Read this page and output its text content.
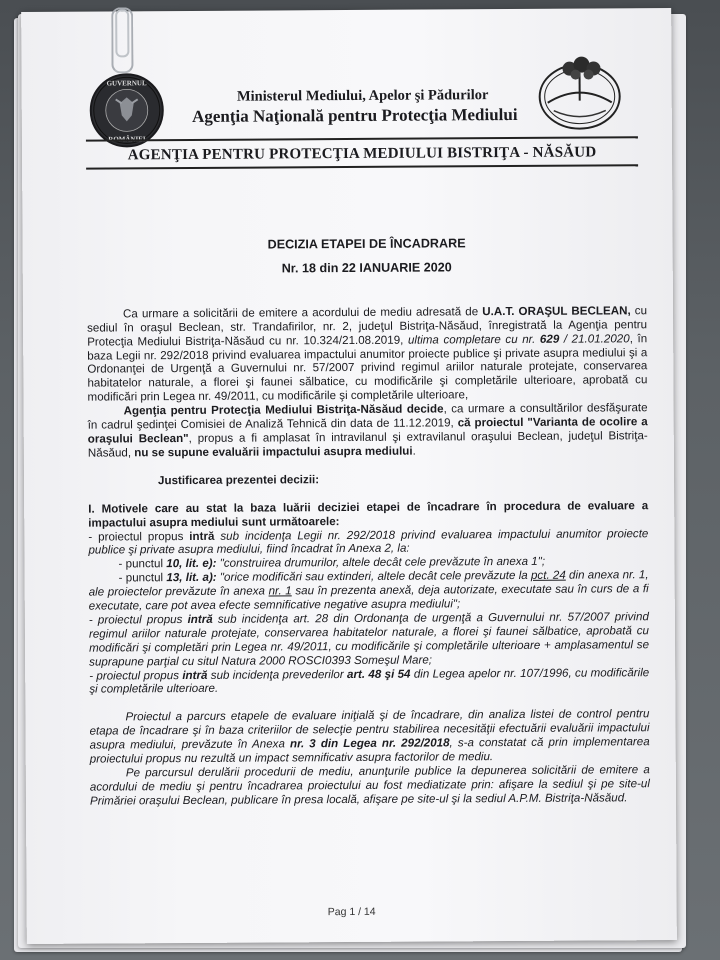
GUVERNUL
ROMÂNIEI
Ministerul Mediului, Apelor şi Pădurilor
Agenţia Naţională pentru Protecţia Mediului
AGENŢIA PENTRU PROTECŢIA MEDIULUI BISTRIŢA - NĂSĂUD
DECIZIA ETAPEI DE ÎNCADRARE
Nr. 18 din 22 IANUARIE 2020

Ca urmare a solicitării de emitere a acordului de mediu adresată de U.A.T. ORAŞUL BECLEAN, cu sediul în oraşul Beclean, str. Trandafirilor, nr. 2, judeţul Bistriţa-Năsăud, înregistrată la Agenţia pentru Protecţia Mediului Bistriţa-Năsăud cu nr. 10.324/21.08.2019, ultima completare cu nr. 629 / 21.01.2020, în baza Legii nr. 292/2018 privind evaluarea impactului anumitor proiecte publice şi private asupra mediului şi a Ordonanţei de Urgenţă a Guvernului nr. 57/2007 privind regimul ariilor naturale protejate, conservarea habitatelor naturale, a florei şi faunei sălbatice, cu modificările şi completările ulterioare, aprobată cu modificări prin Legea nr. 49/2011, cu modificările şi completările ulterioare,

Agenţia pentru Protecţia Mediului Bistriţa-Năsăud decide, ca urmare a consultărilor desfăşurate în cadrul şedinţei Comisiei de Analiză Tehnică din data de 11.12.2019, că proiectul "Varianta de ocolire a oraşului Beclean", propus a fi amplasat în intravilanul şi extravilanul oraşului Beclean, judeţul Bistriţa-Năsăud, nu se supune evaluării impactului asupra mediului.

Justificarea prezentei decizii:

I. Motivele care au stat la baza luării deciziei etapei de încadrare în procedura de evaluare a impactului asupra mediului sunt următoarele:

- proiectul propus intră sub incidenţa Legii nr. 292/2018 privind evaluarea impactului anumitor proiecte publice şi private asupra mediului, fiind încadrat în Anexa 2, la:

- punctul 10, lit. e): "construirea drumurilor, altele decât cele prevăzute în anexa 1";

- punctul 13, lit. a): "orice modificări sau extinderi, altele decât cele prevăzute la pct. 24 din anexa nr. 1, ale proiectelor prevăzute în anexa nr. 1 sau în prezenta anexă, deja autorizate, executate sau în curs de a fi executate, care pot avea efecte semnificative negative asupra mediului";

- proiectul propus intră sub incidenţa art. 28 din Ordonanţa de urgenţă a Guvernului nr. 57/2007 privind regimul ariilor naturale protejate, conservarea habitatelor naturale, a florei şi faunei sălbatice, aprobată cu modificări şi completări prin Legea nr. 49/2011, cu modificările şi completările ulterioare + amplasamentul se suprapune parţial cu situl Natura 2000 ROSCI0393 Someşul Mare;

- proiectul propus intră sub incidenţa prevederilor art. 48 şi 54 din Legea apelor nr. 107/1996, cu modificările şi completările ulterioare.

Proiectul a parcurs etapele de evaluare iniţială şi de încadrare, din analiza listei de control pentru etapa de încadrare şi în baza criteriilor de selecţie pentru stabilirea necesităţii efectuării evaluării impactului asupra mediului, prevăzute în Anexa nr. 3 din Legea nr. 292/2018, s-a constatat că prin implementarea proiectului propus nu rezultă un impact semnificativ asupra factorilor de mediu.

Pe parcursul derulării procedurii de mediu, anunţurile publice la depunerea solicitării de emitere a acordului de mediu şi pentru încadrarea proiectului au fost mediatizate prin: afişare la sediul şi pe site-ul Primăriei oraşului Beclean, publicare în presa locală, afişare pe site-ul şi la sediul A.P.M. Bistriţa-Năsăud.

Pag 1 / 14
